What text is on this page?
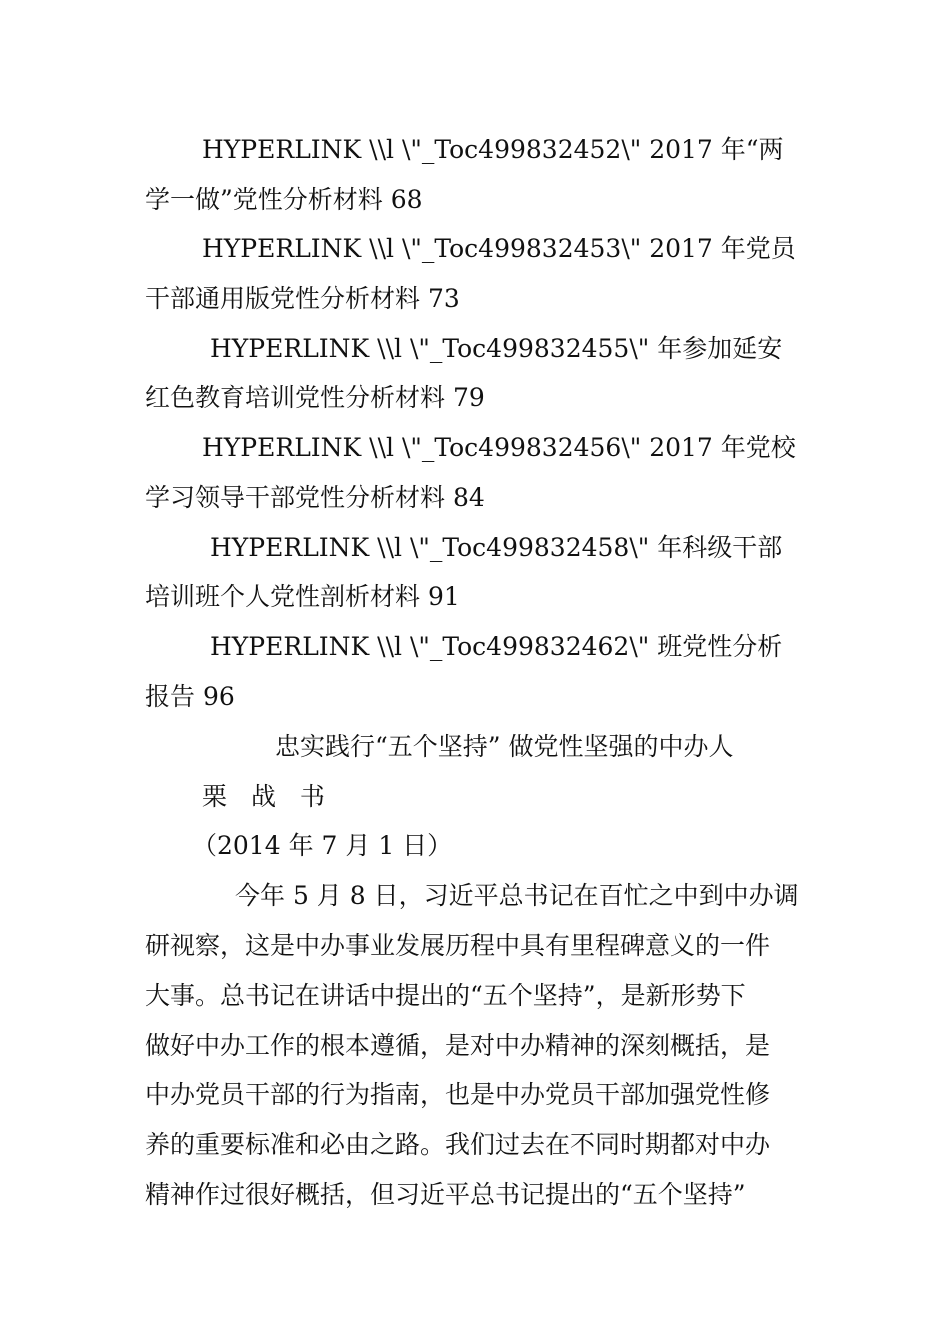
HYPERLINK \\l \"_Toc499832452\" 2017 年“两
学一做”党性分析材料 68
HYPERLINK \\l \"_Toc499832453\" 2017 年党员
干部通用版党性分析材料 73
HYPERLINK \\l \"_Toc499832455\" 年参加延安
红色教育培训党性分析材料 79
HYPERLINK \\l \"_Toc499832456\" 2017 年党校
学习领导干部党性分析材料 84
HYPERLINK \\l \"_Toc499832458\" 年科级干部
培训班个人党性剖析材料 91
HYPERLINK \\l \"_Toc499832462\" 班党性分析
报告 96
忠实践行“五个坚持” 做党性坚强的中办人
栗 战 书
（2014 年 7 月 1 日）
今年 5 月 8 日，习近平总书记在百忙之中到中办调
研视察，这是中办事业发展历程中具有里程碑意义的一件
大事。总书记在讲话中提出的“五个坚持”，是新形势下
做好中办工作的根本遵循，是对中办精神的深刻概括，是
中办党员干部的行为指南，也是中办党员干部加强党性修
养的重要标准和必由之路。我们过去在不同时期都对中办
精神作过很好概括，但习近平总书记提出的“五个坚持”
